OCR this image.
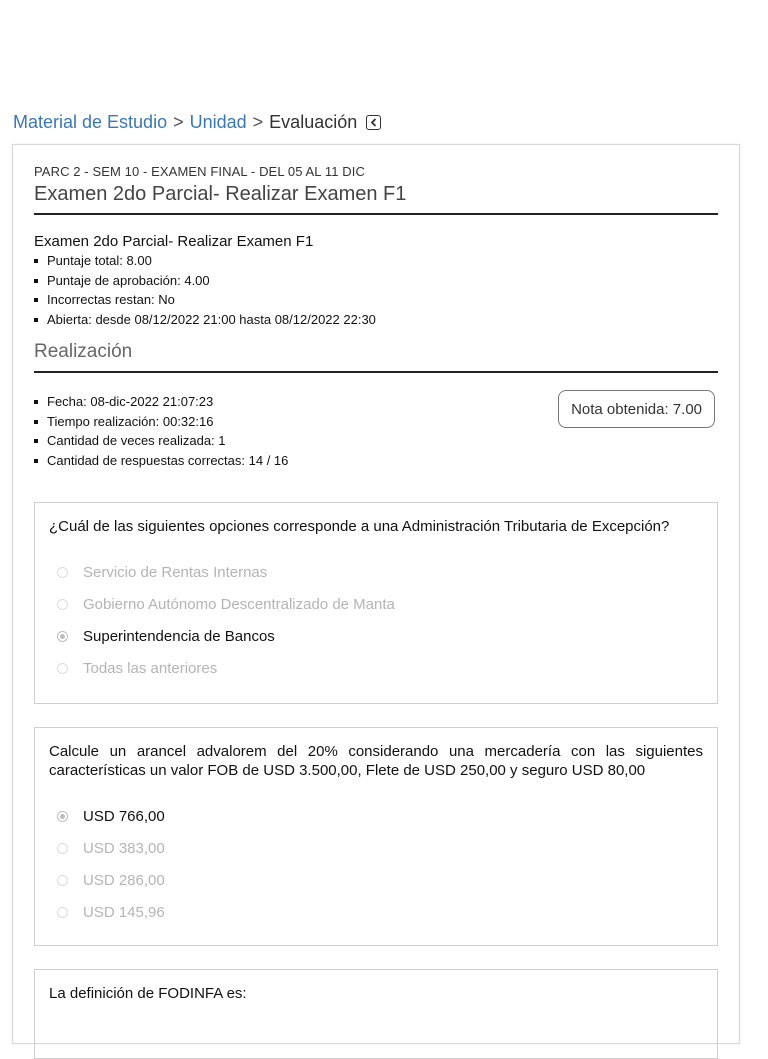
Material de Estudio > Unidad > Evaluación
PARC 2 - SEM 10 - EXAMEN FINAL - DEL 05 AL 11 DIC
Examen 2do Parcial- Realizar Examen F1
Examen 2do Parcial- Realizar Examen F1
Puntaje total: 8.00
Puntaje de aprobación: 4.00
Incorrectas restan: No
Abierta: desde 08/12/2022 21:00 hasta 08/12/2022 22:30
Realización
Fecha: 08-dic-2022 21:07:23
Tiempo realización: 00:32:16
Cantidad de veces realizada: 1
Cantidad de respuestas correctas: 14 / 16
Nota obtenida: 7.00
¿Cuál de las siguientes opciones corresponde a una Administración Tributaria de Excepción?
Servicio de Rentas Internas
Gobierno Autónomo Descentralizado de Manta
Superintendencia de Bancos
Todas las anteriores
Calcule un arancel advalorem del 20% considerando una mercadería con las siguientes características un valor FOB de USD 3.500,00, Flete de USD 250,00 y seguro USD 80,00
USD 766,00
USD 383,00
USD 286,00
USD 145,96
La definición de FODINFA es:
